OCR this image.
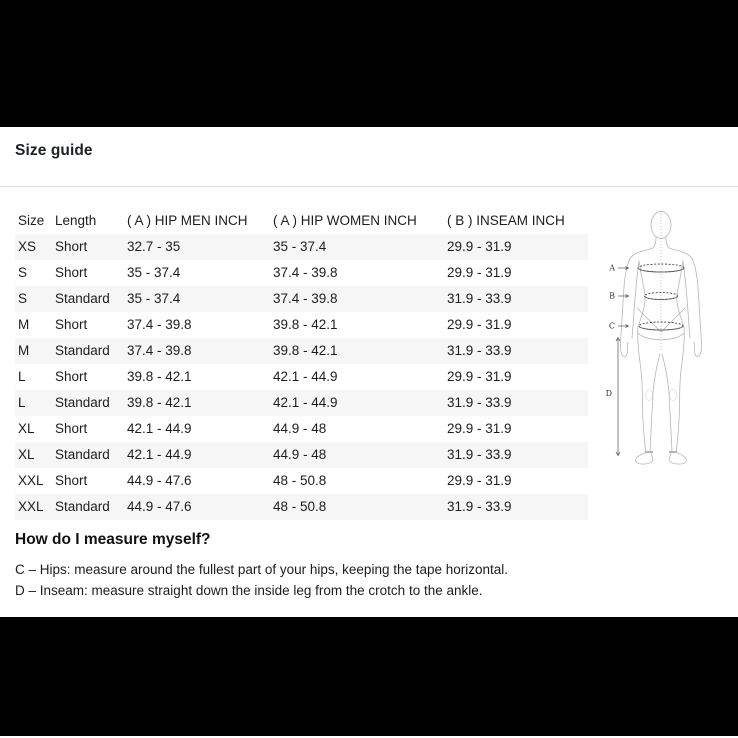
Size guide
Size Length	( A ) HIP MEN INCH	( A ) HIP WOMEN INCH	( B ) INSEAM INCH
XS	Short	32.7 - 35	35 - 37.4	29.9 - 31.9
S	Short	35 - 37.4	37.4 - 39.8	29.9 - 31.9
S	Standard	35 - 37.4	37.4 - 39.8	31.9 - 33.9
M	Short	37.4 - 39.8	39.8 - 42.1	29.9 - 31.9
M	Standard	37.4 - 39.8	39.8 - 42.1	31.9 - 33.9
L	Short	39.8 - 42.1	42.1 - 44.9	29.9 - 31.9
L	Standard	39.8 - 42.1	42.1 - 44.9	31.9 - 33.9
XL	Short	42.1 - 44.9	44.9 - 48	29.9 - 31.9
XL	Standard	42.1 - 44.9	44.9 - 48	31.9 - 33.9
XXL Short	44.9 - 47.6	48 - 50.8	29.9 - 31.9
XXL Standard	44.9 - 47.6	48 - 50.8	31.9 - 33.9
A
B
C
D
How do I measure myself?
C – Hips: measure around the fullest part of your hips, keeping the tape horizontal.
D – Inseam: measure straight down the inside leg from the crotch to the ankle.
